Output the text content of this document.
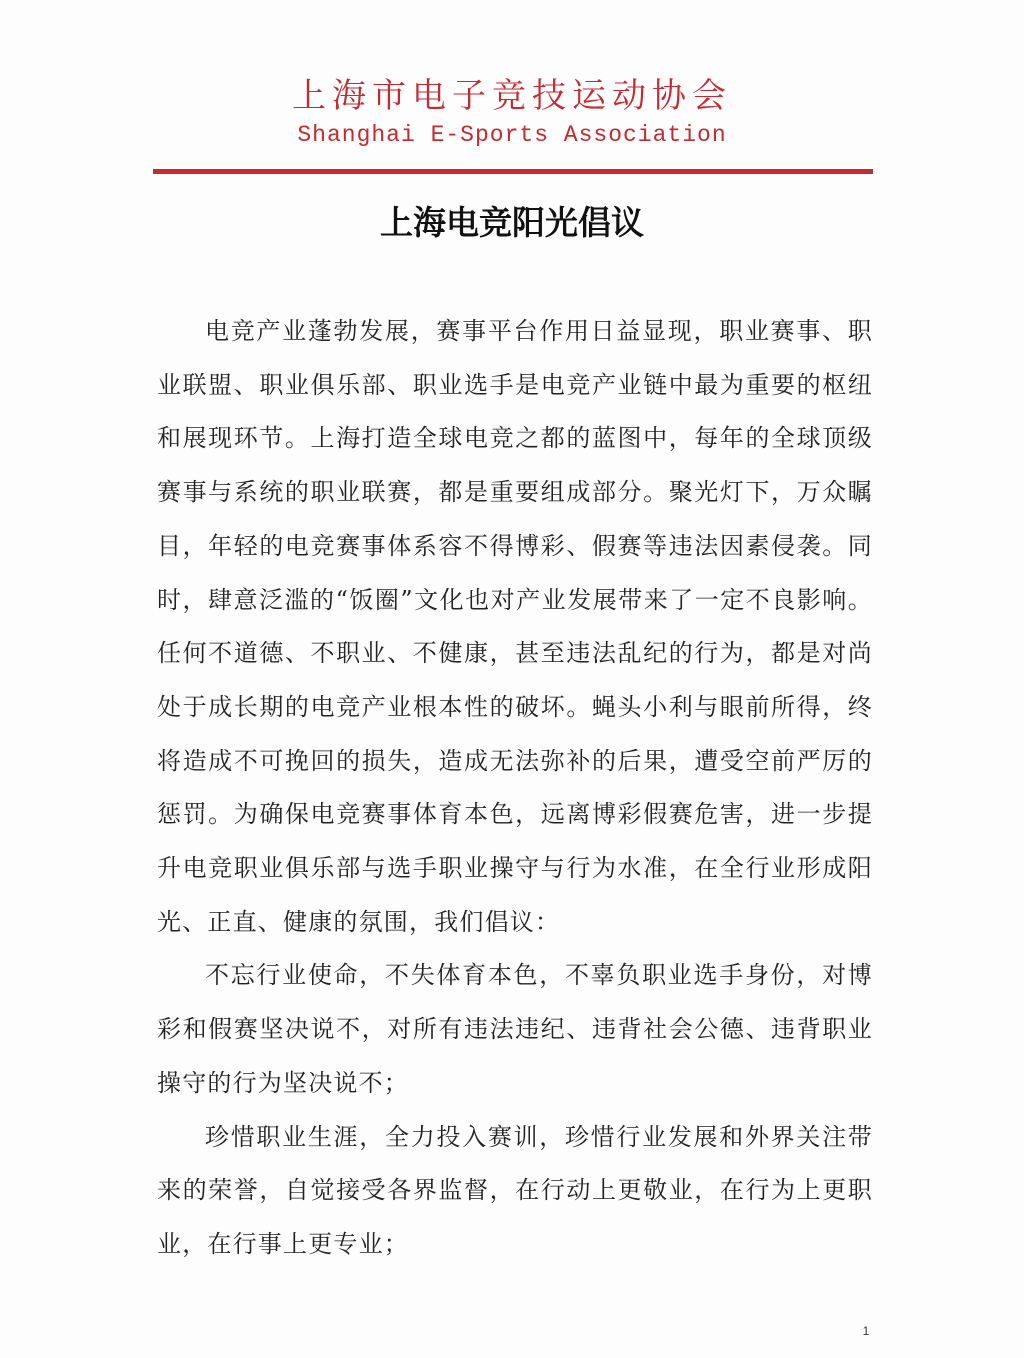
上海市电子竞技运动协会
Shanghai E-Sports Association
上海电竞阳光倡议

电竞产业蓬勃发展，赛事平台作用日益显现，职业赛事、职业联盟、职业俱乐部、职业选手是电竞产业链中最为重要的枢纽和展现环节。上海打造全球电竞之都的蓝图中，每年的全球顶级赛事与系统的职业联赛，都是重要组成部分。聚光灯下，万众瞩目，年轻的电竞赛事体系容不得博彩、假赛等违法因素侵袭。同时，肆意泛滥的“饭圈”文化也对产业发展带来了一定不良影响。任何不道德、不职业、不健康，甚至违法乱纪的行为，都是对尚处于成长期的电竞产业根本性的破坏。蝇头小利与眼前所得，终将造成不可挽回的损失，造成无法弥补的后果，遭受空前严厉的惩罚。为确保电竞赛事体育本色，远离博彩假赛危害，进一步提升电竞职业俱乐部与选手职业操守与行为水准，在全行业形成阳光、正直、健康的氛围，我们倡议：

不忘行业使命，不失体育本色，不辜负职业选手身份，对博彩和假赛坚决说不，对所有违法违纪、违背社会公德、违背职业操守的行为坚决说不；

珍惜职业生涯，全力投入赛训，珍惜行业发展和外界关注带来的荣誉，自觉接受各界监督，在行动上更敬业，在行为上更职业，在行事上更专业；

1
